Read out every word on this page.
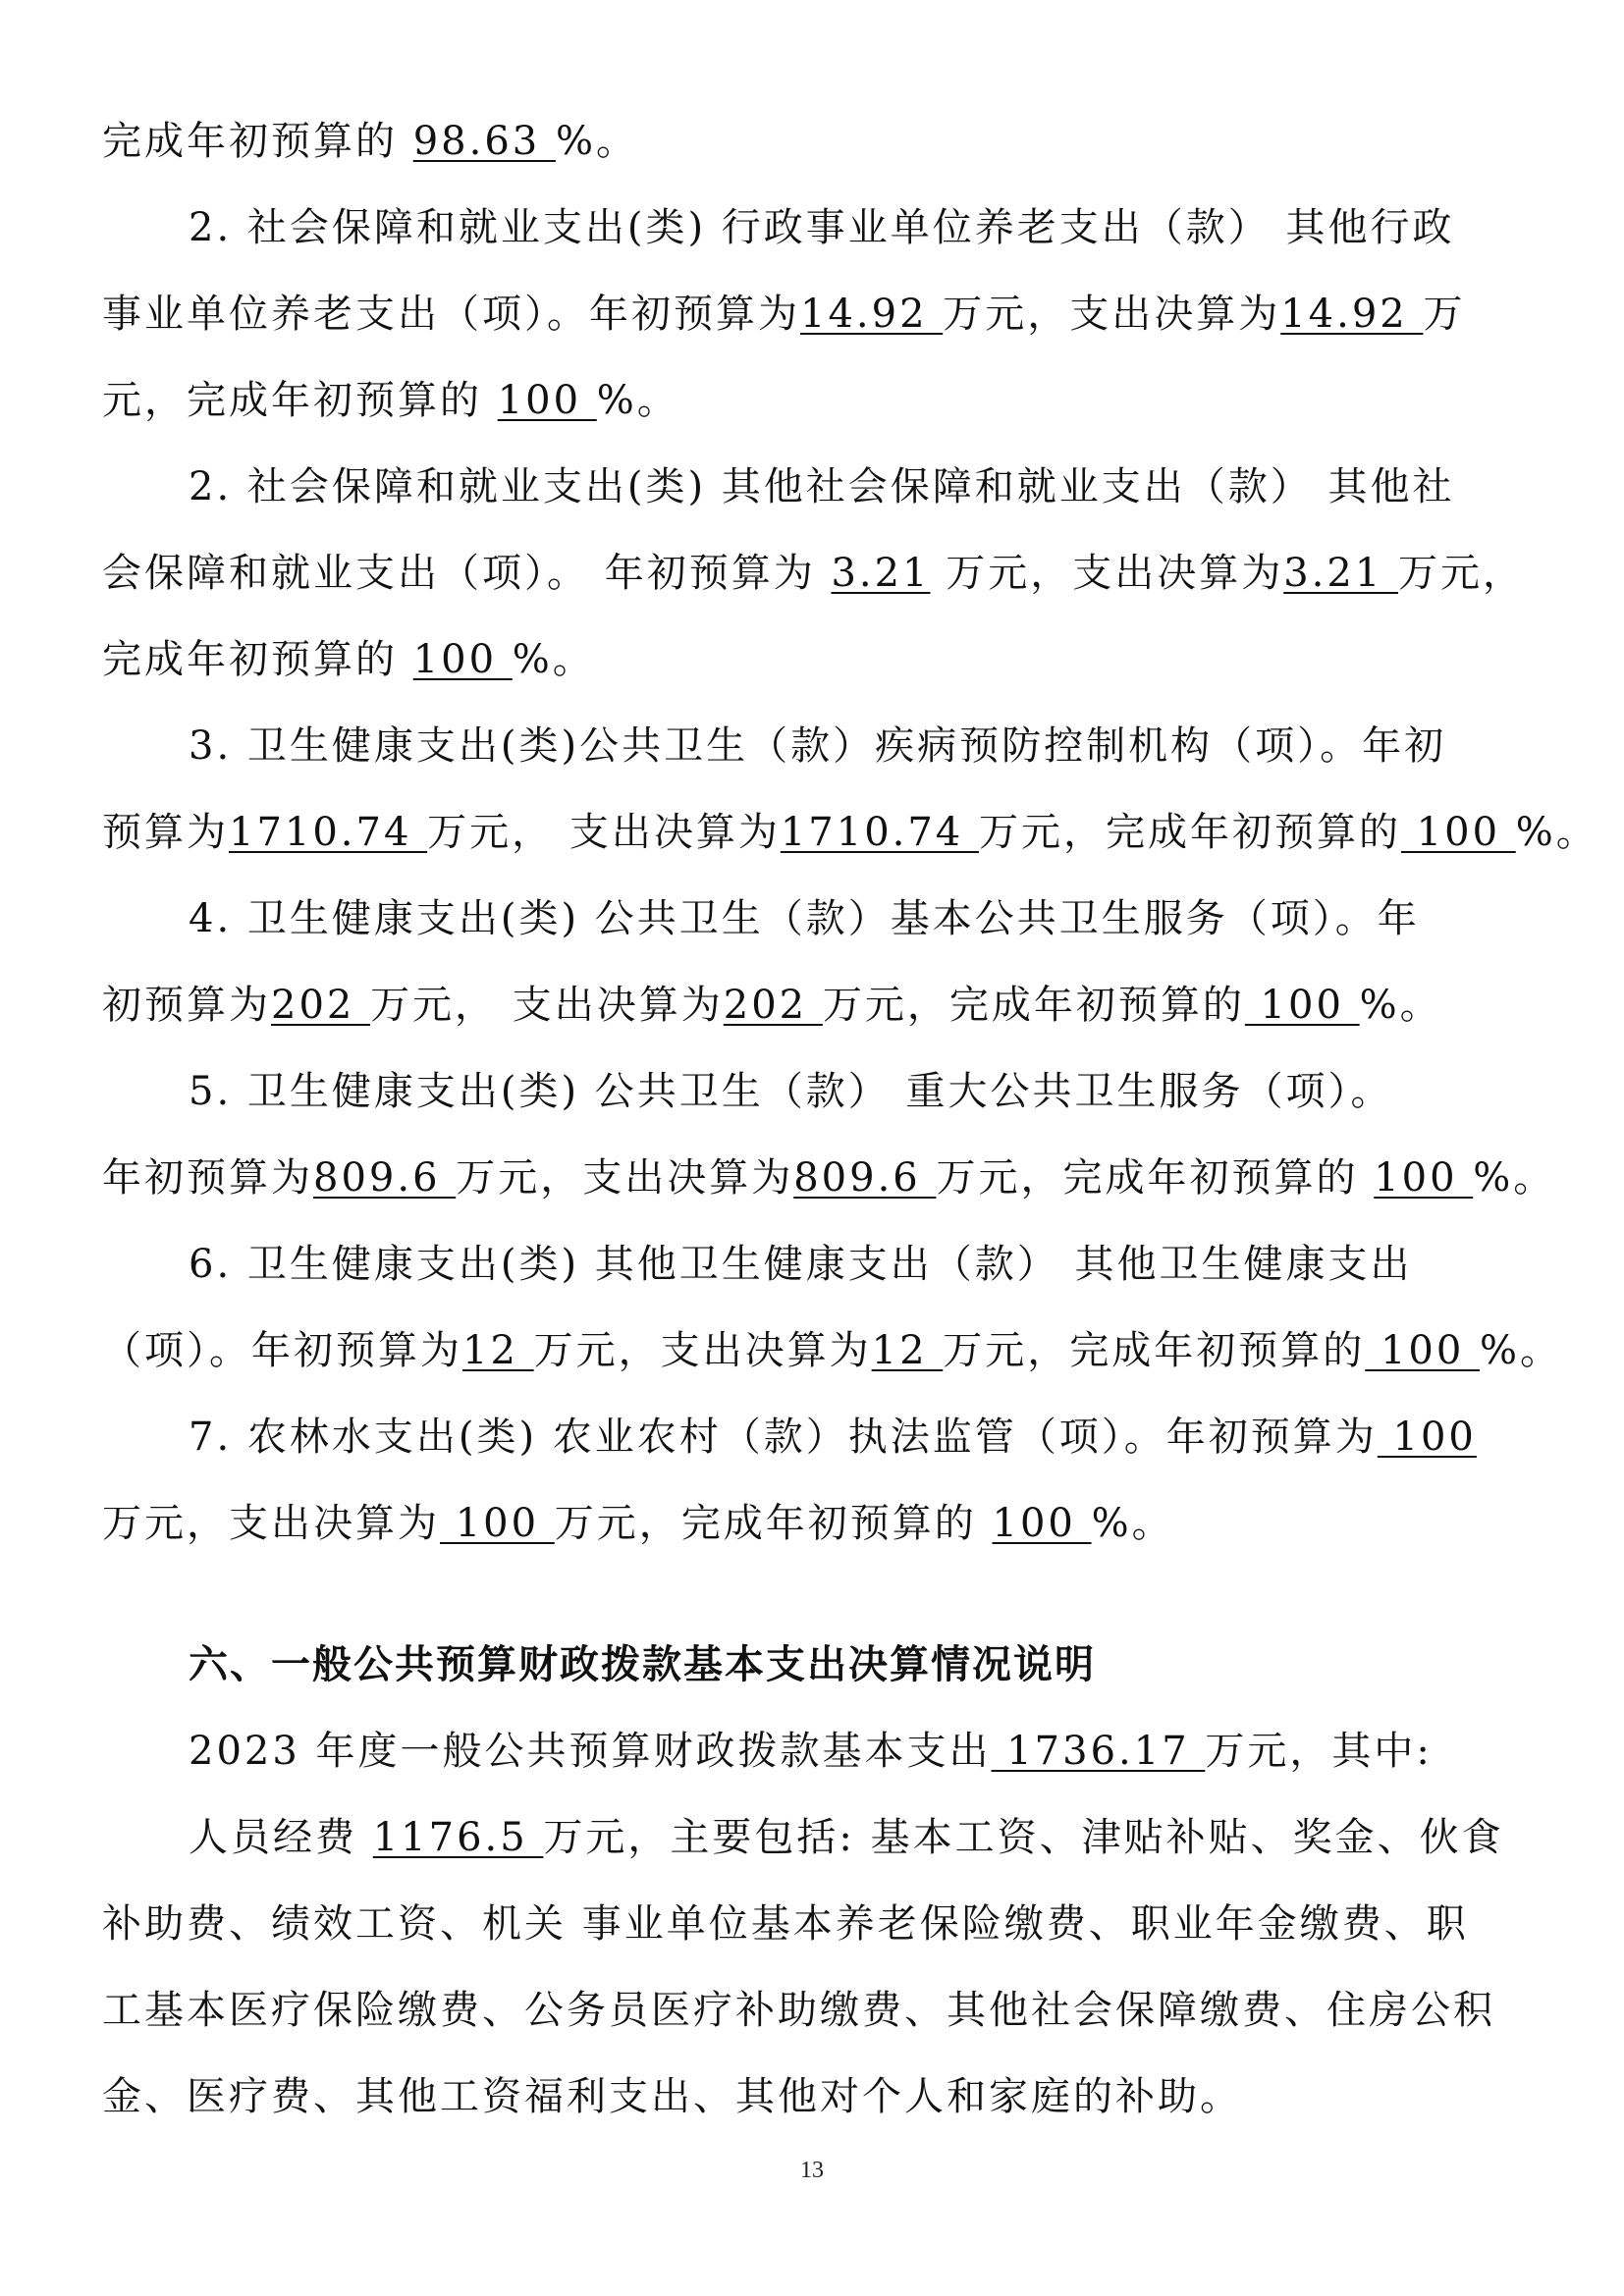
完成年初预算的 98.63 %。
2. 社会保障和就业支出(类) 行政事业单位养老支出（款） 其他行政
事业单位养老支出（项）。年初预算为14.92 万元，支出决算为14.92 万
元，完成年初预算的 100 %。
2. 社会保障和就业支出(类) 其他社会保障和就业支出（款） 其他社
会保障和就业支出（项）。 年初预算为 3.21 万元，支出决算为3.21 万元，
完成年初预算的 100 %。
3. 卫生健康支出(类)公共卫生（款）疾病预防控制机构（项）。年初
预算为1710.74 万元， 支出决算为1710.74 万元，完成年初预算的 100 %。
4. 卫生健康支出(类) 公共卫生（款）基本公共卫生服务（项）。年
初预算为202 万元， 支出决算为202 万元，完成年初预算的 100 %。
5. 卫生健康支出(类) 公共卫生（款） 重大公共卫生服务（项）。
年初预算为809.6 万元，支出决算为809.6 万元，完成年初预算的 100 %。
6. 卫生健康支出(类) 其他卫生健康支出（款） 其他卫生健康支出
（项）。年初预算为12 万元，支出决算为12 万元，完成年初预算的 100 %。
7. 农林水支出(类) 农业农村（款）执法监管（项）。年初预算为 100
万元，支出决算为 100 万元，完成年初预算的 100 %。
六、一般公共预算财政拨款基本支出决算情况说明
2023 年度一般公共预算财政拨款基本支出 1736.17 万元，其中:
人员经费 1176.5 万元，主要包括: 基本工资、津贴补贴、奖金、伙食
补助费、绩效工资、机关 事业单位基本养老保险缴费、职业年金缴费、职
工基本医疗保险缴费、公务员医疗补助缴费、其他社会保障缴费、住房公积
金、医疗费、其他工资福利支出、其他对个人和家庭的补助。
13
